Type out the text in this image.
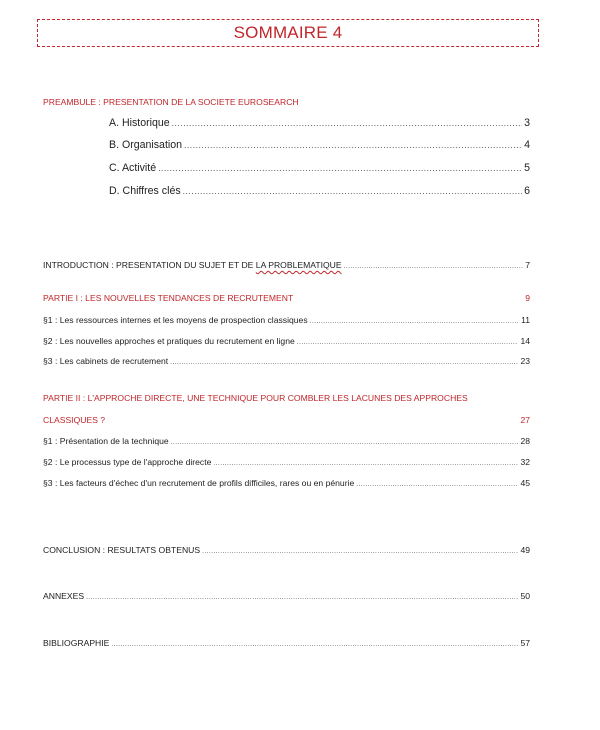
SOMMAIRE 4
PREAMBULE : PRESENTATION DE LA SOCIETE EUROSEARCH
A. Historique .....	3
B. Organisation .....	4
C. Activité .....	5
D. Chiffres clés .....	6
INTRODUCTION : PRESENTATION DU SUJET ET DE LA PROBLEMATIQUE .....	7
PARTIE I : LES NOUVELLES TENDANCES DE RECRUTEMENT	9
§1 : Les ressources internes et les moyens de prospection classiques .....	11
§2 : Les nouvelles approches et pratiques du recrutement en ligne .....	14
§3 : Les cabinets de recrutement .....	23
PARTIE II : L'APPROCHE DIRECTE, UNE TECHNIQUE POUR COMBLER LES LACUNES DES APPROCHES
CLASSIQUES ?	27
§1 : Présentation de la technique .....	28
§2 : Le processus type de l'approche directe .....	32
§3 : Les facteurs d'échec d'un recrutement de profils difficiles, rares ou en pénurie .....	45
CONCLUSION : RESULTATS OBTENUS .....	49
ANNEXES .....	50
BIBLIOGRAPHIE .....	57
